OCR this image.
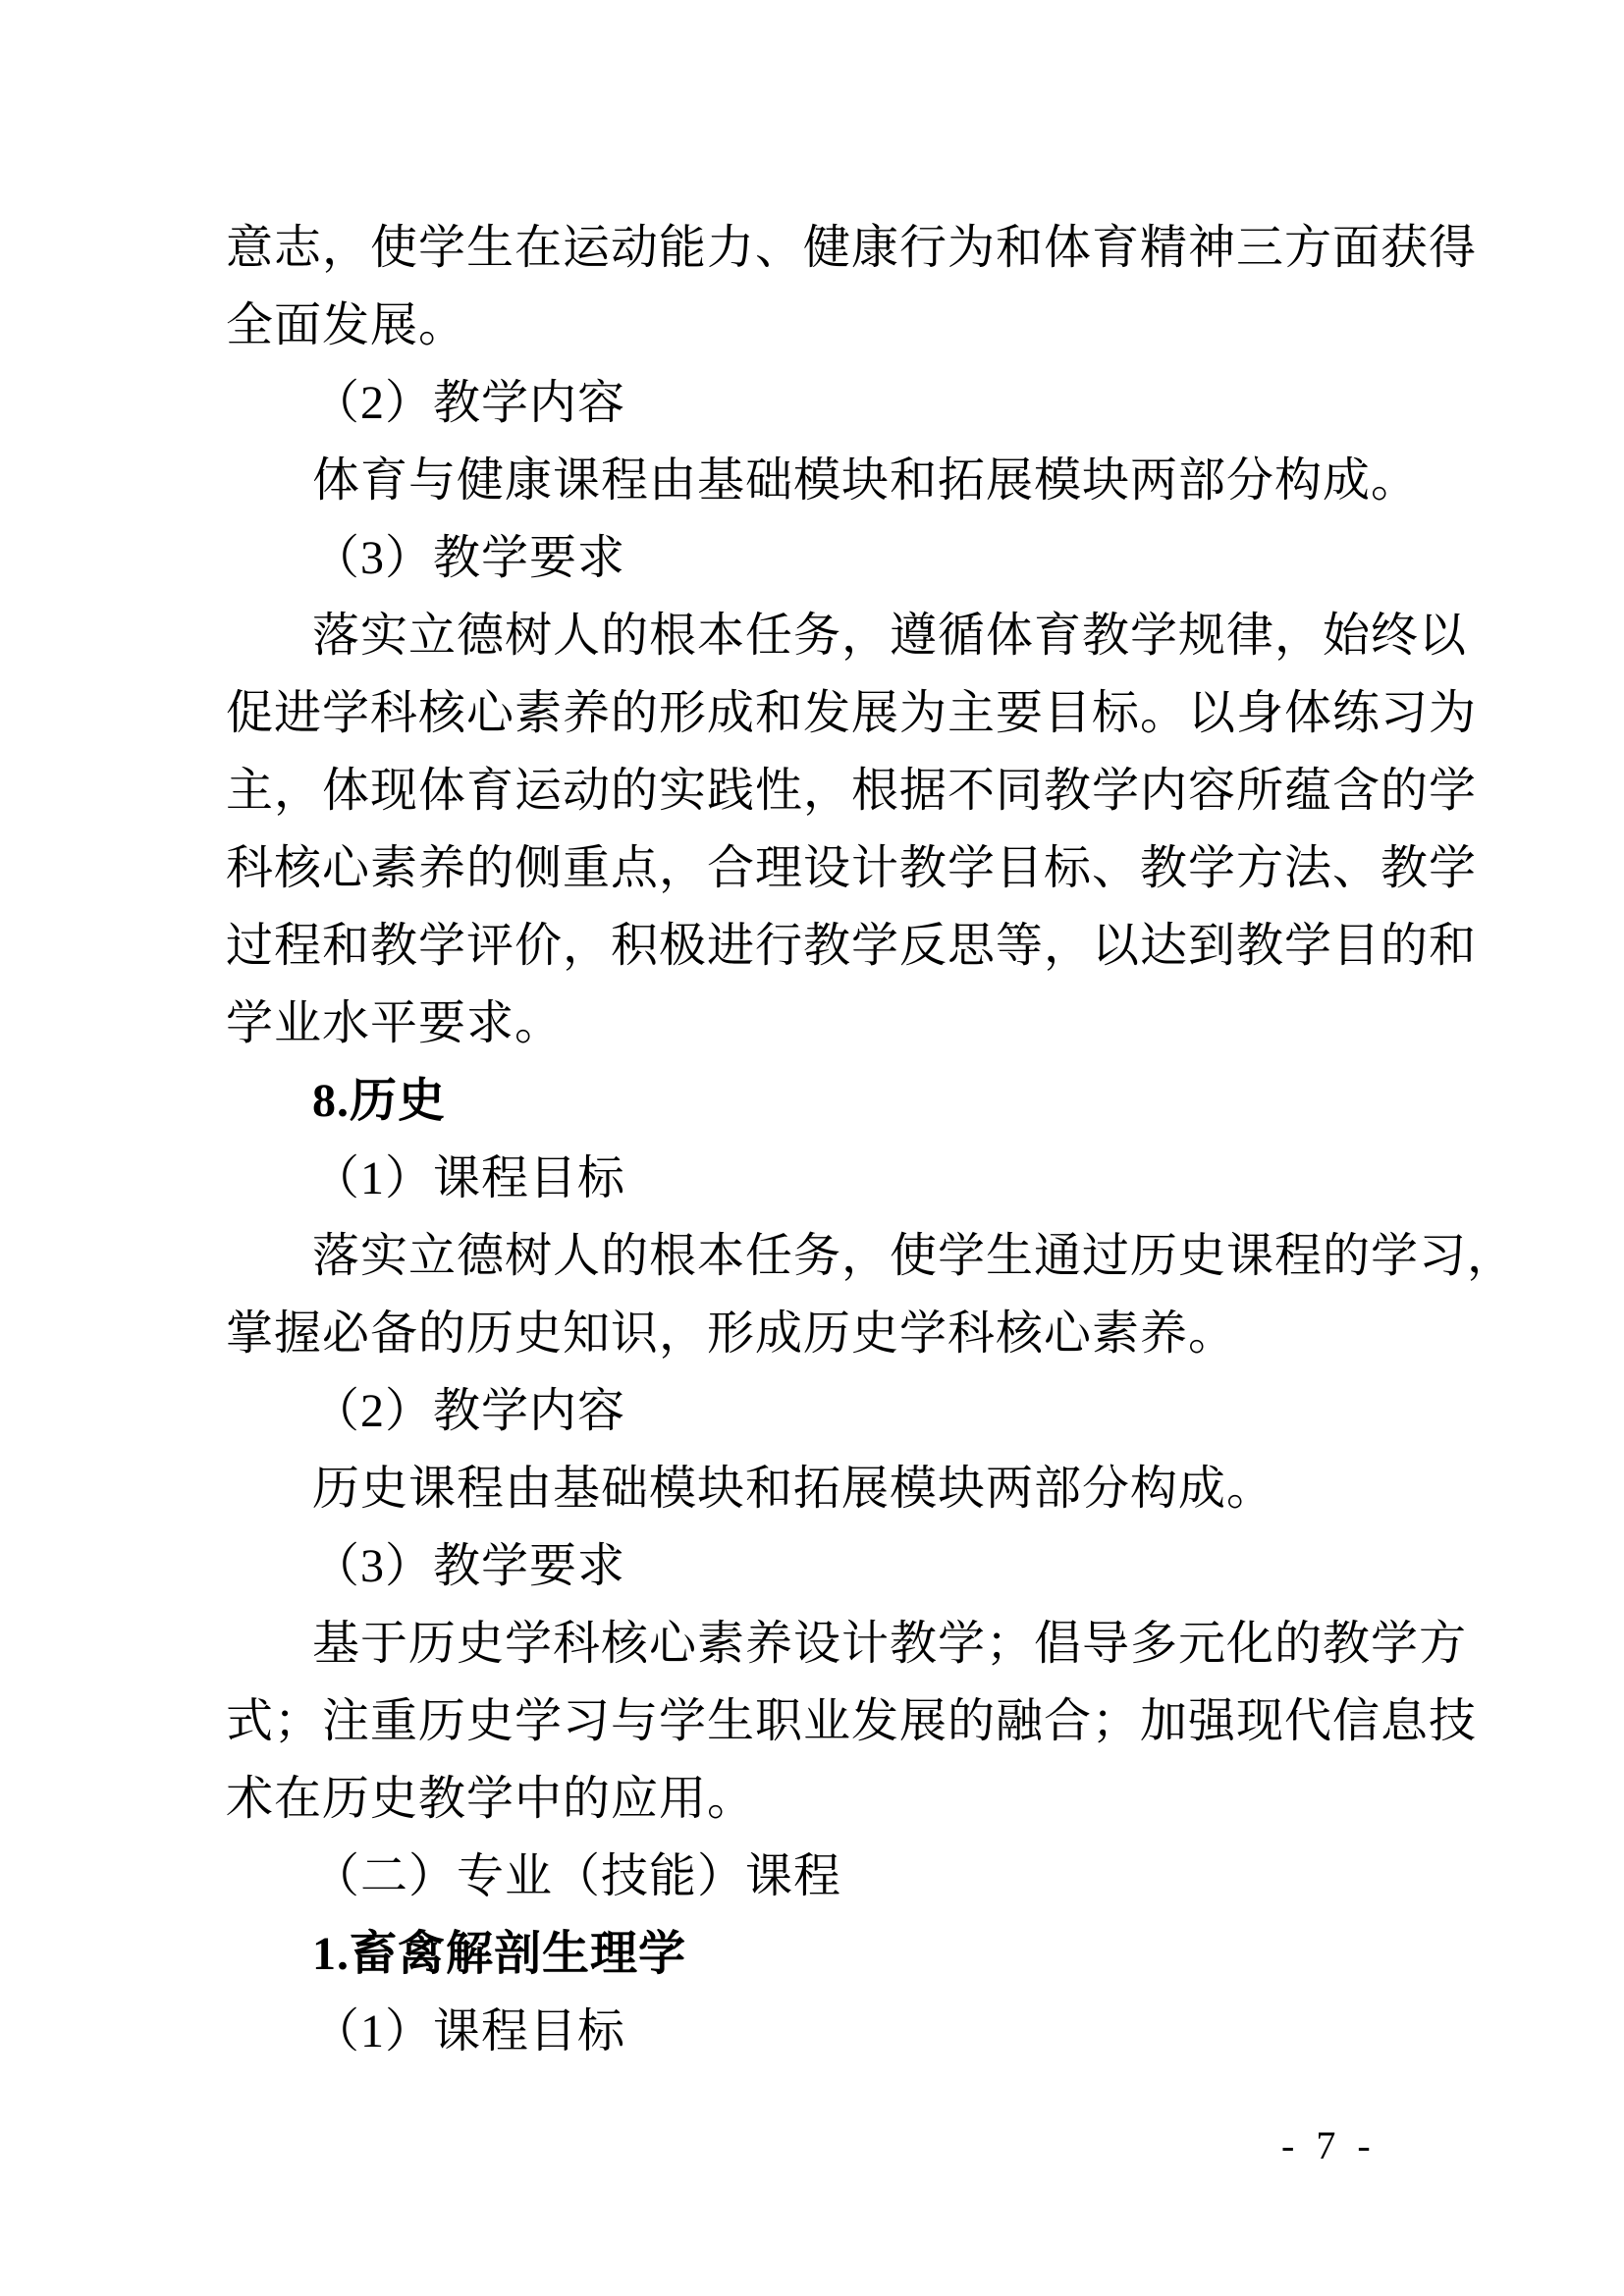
意志，使学生在运动能力、健康行为和体育精神三方面获得
全面发展。
（2）教学内容
体育与健康课程由基础模块和拓展模块两部分构成。
（3）教学要求
落实立德树人的根本任务，遵循体育教学规律，始终以
促进学科核心素养的形成和发展为主要目标。以身体练习为
主，体现体育运动的实践性，根据不同教学内容所蕴含的学
科核心素养的侧重点，合理设计教学目标、教学方法、教学
过程和教学评价，积极进行教学反思等，以达到教学目的和
学业水平要求。
8.历史
（1）课程目标
落实立德树人的根本任务，使学生通过历史课程的学习，
掌握必备的历史知识，形成历史学科核心素养。
（2）教学内容
历史课程由基础模块和拓展模块两部分构成。
（3）教学要求
基于历史学科核心素养设计教学；倡导多元化的教学方
式；注重历史学习与学生职业发展的融合；加强现代信息技
术在历史教学中的应用。
（二）专业（技能）课程
1.畜禽解剖生理学
（1）课程目标
- 7 -
